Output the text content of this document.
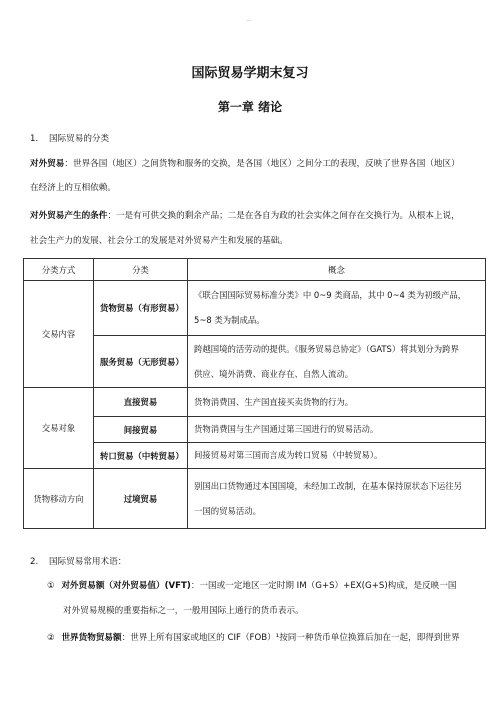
国际贸易学期末复习
第一章 绪论
1. 国际贸易的分类
对外贸易：世界各国（地区）之间货物和服务的交换，是各国（地区）之间分工的表现，反映了世界各国（地区）
在经济上的互相依赖。
对外贸易产生的条件：一是有可供交换的剩余产品；二是在各自为政的社会实体之间存在交换行为。从根本上说，
社会生产力的发展、社会分工的发展是对外贸易产生和发展的基础。
分类方式	分类	概念
交易内容	货物贸易（有形贸易）	《联合国国际贸易标准分类》中 0~9 类商品，其中 0~4 类为初级产品，
5~8 类为制成品。

	服务贸易（无形贸易）	跨越国境的活劳动的提供。《服务贸易总协定》（GATS）将其划分为跨界
供应、境外消费、商业存在、自然人流动。

交易对象	直接贸易	货物消费国、生产国直接买卖货物的行为。
	间接贸易	货物消费国与生产国通过第三国进行的贸易活动。
	转口贸易（中转贸易）	间接贸易对第三国而言成为转口贸易（中转贸易）。
货物移动方向	过境贸易	别国出口货物通过本国国境，未经加工改制，在基本保持原状态下运往另
一国的贸易活动。
2. 国际贸易常用术语：
① 对外贸易额（对外贸易值）(VFT)：一国或一定地区一定时期 IM（G+S）+EX(G+S)构成，是反映一国
对外贸易规模的重要指标之一，一般用国际上通行的货币表示。
② 世界货物贸易额：世界上所有国家或地区的 CIF（FOB）¹按同一种货币单位换算后加在一起，即得到世界
